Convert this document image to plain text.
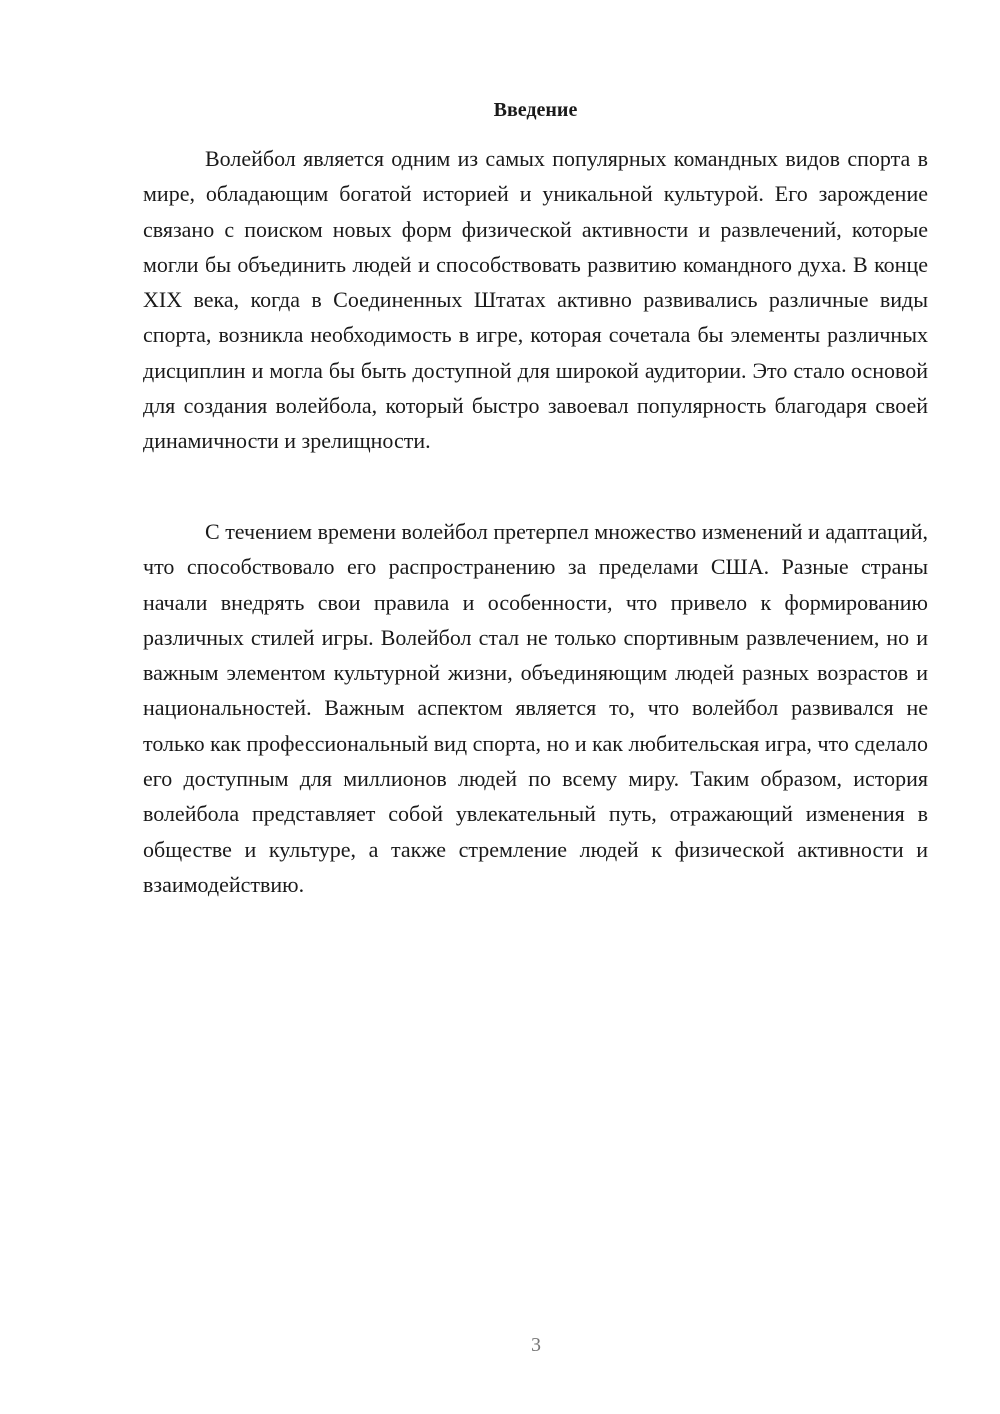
Введение

Волейбол является одним из самых популярных командных видов спорта в мире, обладающим богатой историей и уникальной культурой. Его зарождение связано с поиском новых форм физической активности и развлечений, которые могли бы объединить людей и способствовать развитию командного духа. В конце XIX века, когда в Соединенных Штатах активно развивались различные виды спорта, возникла необходимость в игре, которая сочетала бы элементы различных дисциплин и могла бы быть доступной для широкой аудитории. Это стало основой для создания волейбола, который быстро завоевал популярность благодаря своей динамичности и зрелищности.

С течением времени волейбол претерпел множество изменений и адаптаций, что способствовало его распространению за пределами США. Разные страны начали внедрять свои правила и особенности, что привело к формированию различных стилей игры. Волейбол стал не только спортивным развлечением, но и важным элементом культурной жизни, объединяющим людей разных возрастов и национальностей. Важным аспектом является то, что волейбол развивался не только как профессиональный вид спорта, но и как любительская игра, что сделало его доступным для миллионов людей по всему миру. Таким образом, история волейбола представляет собой увлекательный путь, отражающий изменения в обществе и культуре, а также стремление людей к физической активности и взаимодействию.

3
